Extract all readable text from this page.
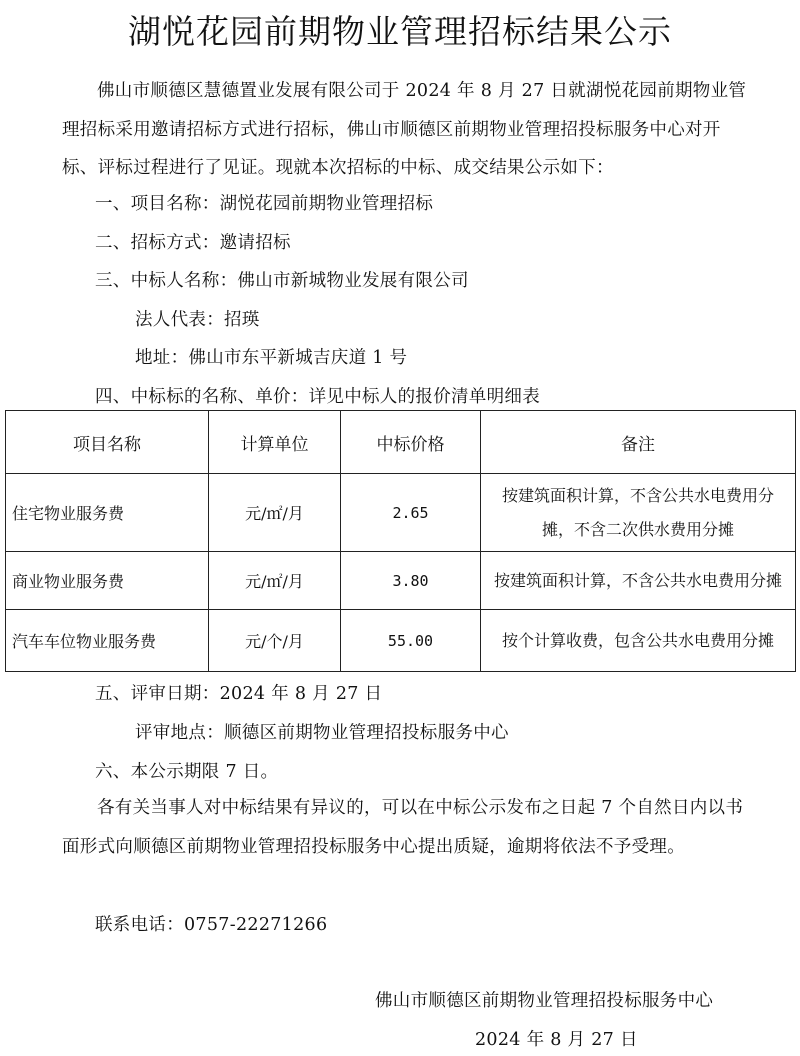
湖悦花园前期物业管理招标结果公示
佛山市顺德区慧德置业发展有限公司于 2024 年 8 月 27 日就湖悦花园前期物业管理招标采用邀请招标方式进行招标，佛山市顺德区前期物业管理招投标服务中心对开标、评标过程进行了见证。现就本次招标的中标、成交结果公示如下：
一、项目名称：湖悦花园前期物业管理招标
二、招标方式：邀请招标
三、中标人名称：佛山市新城物业发展有限公司
法人代表：招瑛
地址：佛山市东平新城吉庆道 1 号
四、中标标的名称、单价：详见中标人的报价清单明细表
项目名称	计算单位	中标价格	备注
住宅物业服务费	元/㎡/月	2.65	按建筑面积计算，不含公共水电费用分摊，不含二次供水费用分摊
商业物业服务费	元/㎡/月	3.80	按建筑面积计算，不含公共水电费用分摊
汽车车位物业服务费	元/个/月	55.00	按个计算收费，包含公共水电费用分摊
五、评审日期：2024 年 8 月 27 日
评审地点：顺德区前期物业管理招投标服务中心
六、本公示期限 7 日。
各有关当事人对中标结果有异议的，可以在中标公示发布之日起 7 个自然日内以书面形式向顺德区前期物业管理招投标服务中心提出质疑，逾期将依法不予受理。
联系电话：0757-22271266
佛山市顺德区前期物业管理招投标服务中心
2024 年 8 月 27 日
